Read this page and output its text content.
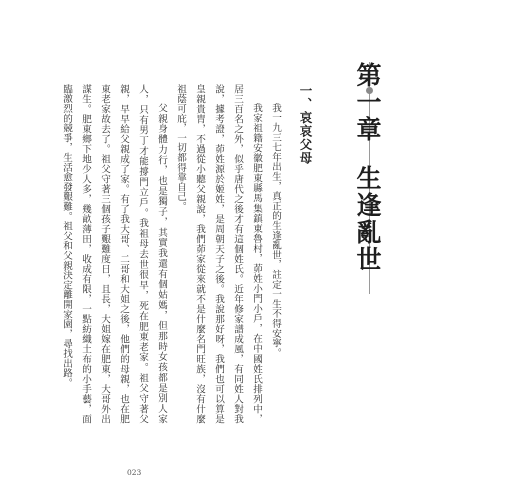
第一章生逢亂世
一、哀哀父母

我一九三七年出生，真正的生逢亂世，註定一生不得安寧。

我家祖籍安徽肥東縣馬集鎮東魯村，茆姓小門小戶，在中國姓氏排列中，居三百名之外，似乎唐代之後才有這個姓氏。近年修家譜成風，有同姓人對我說，據考證，茆姓源於姬姓，是周朝天子之後。我說那好呀，我們也可以算是皇親貴胄，不過從小聽父親說，我們茆家從來就不是什麼名門旺族，沒有什麼祖蔭可庇，一切都得靠自己。

父親身體力行，也是獨子，其實我還有個姑媽，但那時女孩都是別人家人，只有男丁才能撐門立戶。我祖母去世很早，死在肥東老家。祖父守著父親，早早給父親成了家。有了我大哥、二哥和大姐之後，他們的母親，也在肥東老家故去了。祖父守著三個孩子艱難度日，且長，大姐嫁在肥東，大哥外出謀生。肥東鄉下地少人多，幾畝薄田，收成有限，一點紡織土布的小手藝，面臨激烈的競爭，生活愈發艱難。祖父和父親決定離開家園，尋找出路。

023
